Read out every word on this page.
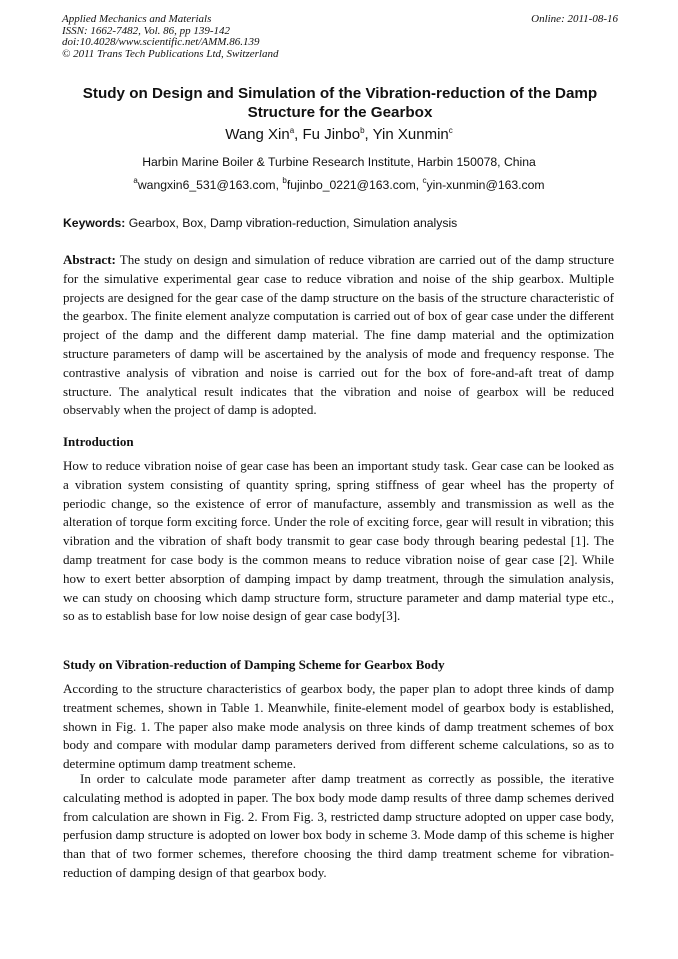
Applied Mechanics and Materials
ISSN: 1662-7482, Vol. 86, pp 139-142
doi:10.4028/www.scientific.net/AMM.86.139
© 2011 Trans Tech Publications Ltd, Switzerland
Online: 2011-08-16
Study on Design and Simulation of the Vibration-reduction of the Damp
Structure for the Gearbox
Wang Xin$^a$, Fu Jinbo$^b$, Yin Xunmin$^c$
Harbin Marine Boiler & Turbine Research Institute, Harbin 150078, China
$^a$wangxin6_531@163.com, $^b$fujinbo_0221@163.com, $^c$yin-xunmin@163.com
Keywords: Gearbox, Box, Damp vibration-reduction, Simulation analysis
Abstract: The study on design and simulation of reduce vibration are carried out of the damp structure for the simulative experimental gear case to reduce vibration and noise of the ship gearbox. Multiple projects are designed for the gear case of the damp structure on the basis of the structure characteristic of the gearbox. The finite element analyze computation is carried out of box of gear case under the different project of the damp and the different damp material. The fine damp material and the optimization structure parameters of damp will be ascertained by the analysis of mode and frequency response. The contrastive analysis of vibration and noise is carried out for the box of fore-and-aft treat of damp structure. The analytical result indicates that the vibration and noise of gearbox will be reduced observably when the project of damp is adopted.
Introduction
How to reduce vibration noise of gear case has been an important study task. Gear case can be looked as a vibration system consisting of quantity spring, spring stiffness of gear wheel has the property of periodic change, so the existence of error of manufacture, assembly and transmission as well as the alteration of torque form exciting force. Under the role of exciting force, gear will result in vibration; this vibration and the vibration of shaft body transmit to gear case body through bearing pedestal [1]. The damp treatment for case body is the common means to reduce vibration noise of gear case [2]. While how to exert better absorption of damping impact by damp treatment, through the simulation analysis, we can study on choosing which damp structure form, structure parameter and damp material type etc., so as to establish base for low noise design of gear case body[3].
Study on Vibration-reduction of Damping Scheme for Gearbox Body
According to the structure characteristics of gearbox body, the paper plan to adopt three kinds of damp treatment schemes, shown in Table 1. Meanwhile, finite-element model of gearbox body is established, shown in Fig. 1. The paper also make mode analysis on three kinds of damp treatment schemes of box body and compare with modular damp parameters derived from different scheme calculations, so as to determine optimum damp treatment scheme.
In order to calculate mode parameter after damp treatment as correctly as possible, the iterative calculating method is adopted in paper. The box body mode damp results of three damp schemes derived from calculation are shown in Fig. 2. From Fig. 3, restricted damp structure adopted on upper case body, perfusion damp structure is adopted on lower box body in scheme 3. Mode damp of this scheme is higher than that of two former schemes, therefore choosing the third damp treatment scheme for vibration-reduction of damping design of that gearbox body.
